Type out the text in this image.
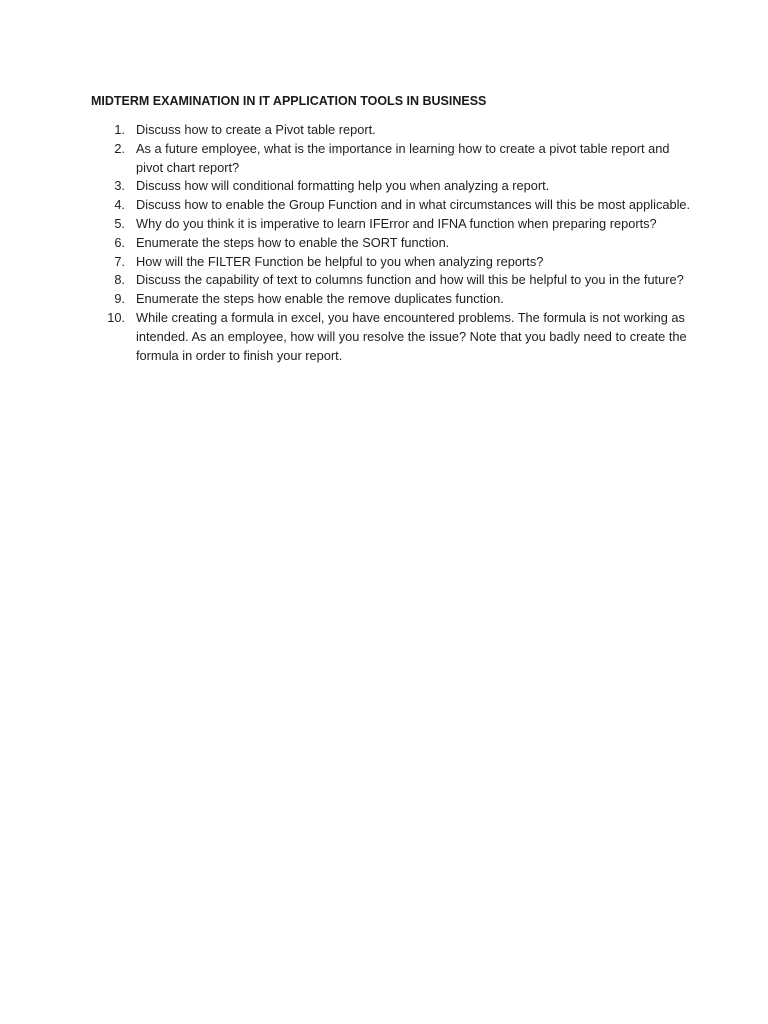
MIDTERM EXAMINATION IN IT APPLICATION TOOLS IN BUSINESS
1. Discuss how to create a Pivot table report.
2. As a future employee, what is the importance in learning how to create a pivot table report and pivot chart report?
3. Discuss how will conditional formatting help you when analyzing a report.
4. Discuss how to enable the Group Function and in what circumstances will this be most applicable.
5. Why do you think it is imperative to learn IFError and IFNA function when preparing reports?
6. Enumerate the steps how to enable the SORT function.
7. How will the FILTER Function be helpful to you when analyzing reports?
8. Discuss the capability of text to columns function and how will this be helpful to you in the future?
9. Enumerate the steps how enable the remove duplicates function.
10. While creating a formula in excel, you have encountered problems. The formula is not working as intended. As an employee, how will you resolve the issue? Note that you badly need to create the formula in order to finish your report.
